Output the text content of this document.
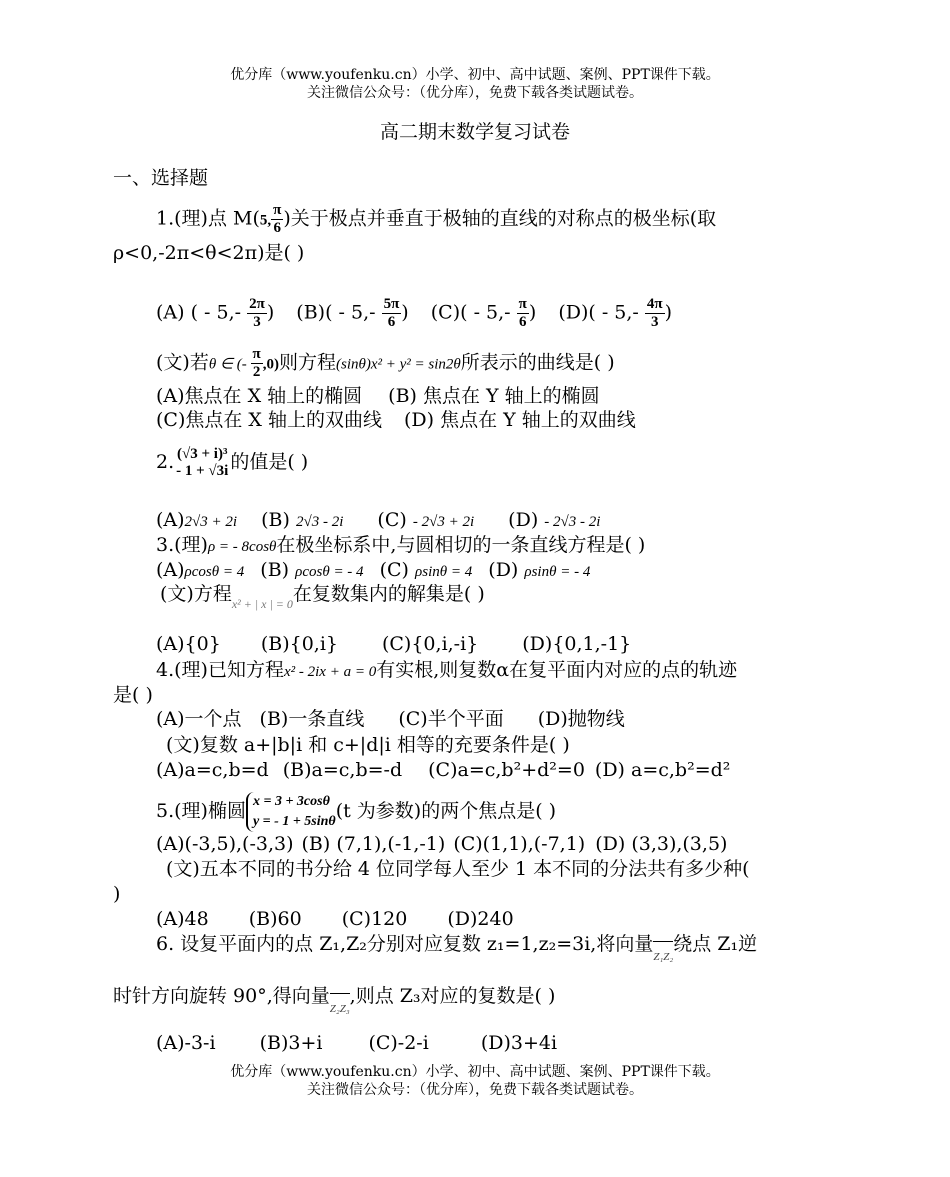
优分库（www.youfenku.cn）小学、初中、高中试题、案例、PPT课件下载。
关注微信公众号：（优分库），免费下载各类试题试卷。
高二期末数学复习试卷
一、选择题
1.(理)点 M(5, $\frac{\pi}{6}$ )关于极点并垂直于极轴的直线的对称点的极坐标(取
ρ<0,-2π<θ<2π)是( )
(A) ( - $5,- \frac{2\pi}{3}$ ) $(B)( - 5,- \frac{5\pi}{6}$ ) $(C)( - 5,- \frac{\pi}{6}$ ) $(D)( - 5,- \frac{4\pi}{3}$ )
(文)若θ ∈ (- $\frac{\pi}{2} ,0$)则方程(sinθ)x² + y² = sin2θ所表示的曲线是( )
(A)焦点在 X 轴上的椭圆 (B) 焦点在 Y 轴上的椭圆
(C)焦点在 X 轴上的双曲线 (D) 焦点在 Y 轴上的双曲线
2. (√3 + i)³
- 1 + √3i 的值是( )
(A)2√3 + 2i (B) 2√3 - 2i (C) - 2√3 + 2i (D) - 2√3 - 2i
3.(理)ρ = - 8cosθ在极坐标系中,与圆相切的一条直线方程是( )
(A)ρcosθ = 4 (B) ρcosθ = - 4 (C) ρsinθ = 4 (D) ρsinθ = - 4
(文)方程$_{x^2 + | x | = 0}$在复数集内的解集是( )
(A){0} (B){0,i} (C){0,i,-i} (D){0,1,-1}
4.(理)已知方程x² - 2ix + a = 0有实根,则复数α在复平面内对应的点的轨迹
是( )
(A)一个点 (B)一条直线 (C)半个平面 (D)抛物线
(文)复数 a+|b|i 和 c+|d|i 相等的充要条件是( )
(A)a=c,b=d (B)a=c,b=-d (C)a=c,b²+d²=0 (D) a=c,b²=d²
5.(理)椭圆 x = 3 + 3cosθ
y = - 1 + 5sinθ (t 为参数)的两个焦点是( )
(A)(-3,5),(-3,3) (B) (7,1),(-1,-1) (C)(1,1),(-7,1) (D) (3,3),(3,5)
(文)五本不同的书分给 4 位同学每人至少 1 本不同的分法共有多少种(
)
(A)48 (B)60 (C)120 (D)240
6. 设复平面内的点 Z₁,Z₂分别对应复数 z₁=1,z₂=3i,将向量Z₁Z₂绕点 Z₁逆
时针方向旋转 90°,得向量Z₂Z₃,则点 Z₃对应的复数是( )
(A)-3-i (B)3+i (C)-2-i	(D)3+4i
优分库（www.youfenku.cn）小学、初中、高中试题、案例、PPT课件下载。
关注微信公众号：（优分库），免费下载各类试题试卷。
